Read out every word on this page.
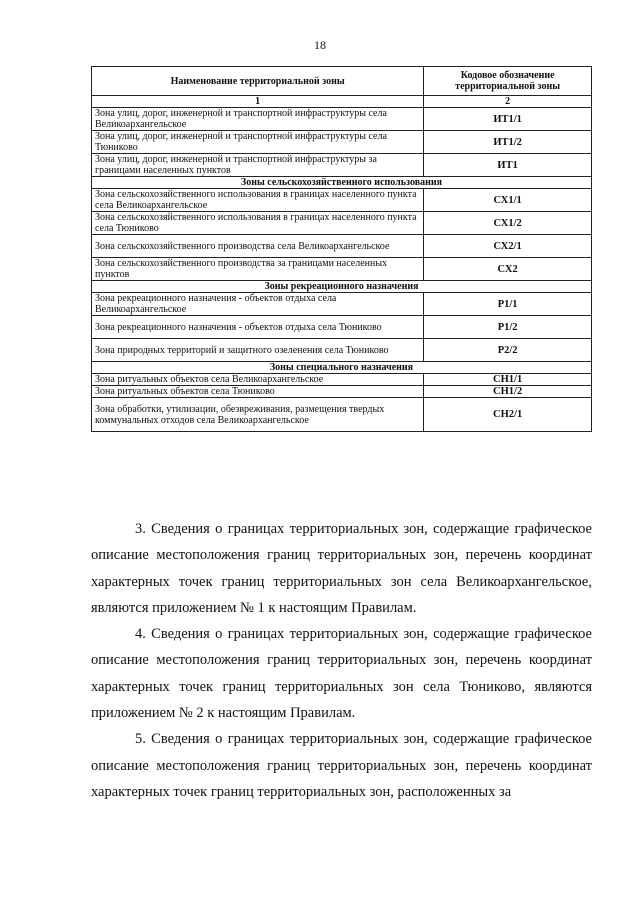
18
Наименование территориальной зоны	Кодовое обозначение территориальной зоны
1	2
Зона улиц, дорог, инженерной и транспортной инфраструктуры села Великоархангельское	ИТ1/1
Зона улиц, дорог, инженерной и транспортной инфраструктуры села Тюниково	ИТ1/2
Зона улиц, дорог, инженерной и транспортной инфраструктуры за границами населенных пунктов	ИТ1
Зоны сельскохозяйственного использования	
Зона сельскохозяйственного использования в границах населенного пункта села Великоархангельское	СХ1/1
Зона сельскохозяйственного использования в границах населенного пункта села Тюниково	СХ1/2
Зона сельскохозяйственного производства села Великоархангельское	СХ2/1
Зона сельскохозяйственного производства за границами населенных пунктов	СХ2
Зоны рекреационного назначения	
Зона рекреационного назначения - объектов отдыха села Великоархангельское	Р1/1
Зона рекреационного назначения - объектов отдыха села Тюниково	Р1/2
Зона природных территорий и защитного озеленения села Тюниково	Р2/2
Зоны специального назначения	
Зона ритуальных объектов села Великоархангельское	СН1/1
Зона ритуальных объектов села Тюниково	СН1/2
Зона обработки, утилизации, обезвреживания, размещения твердых коммунальных отходов села Великоархангельское	СН2/1

3. Сведения о границах территориальных зон, содержащие графическое описание местоположения границ территориальных зон, перечень координат характерных точек границ территориальных зон села Великоархангельское, являются приложением № 1 к настоящим Правилам.

4. Сведения о границах территориальных зон, содержащие графическое описание местоположения границ территориальных зон, перечень координат характерных точек границ территориальных зон села Тюниково, являются приложением № 2 к настоящим Правилам.

5. Сведения о границах территориальных зон, содержащие графическое описание местоположения границ территориальных зон, перечень координат характерных точек границ территориальных зон, расположенных за
